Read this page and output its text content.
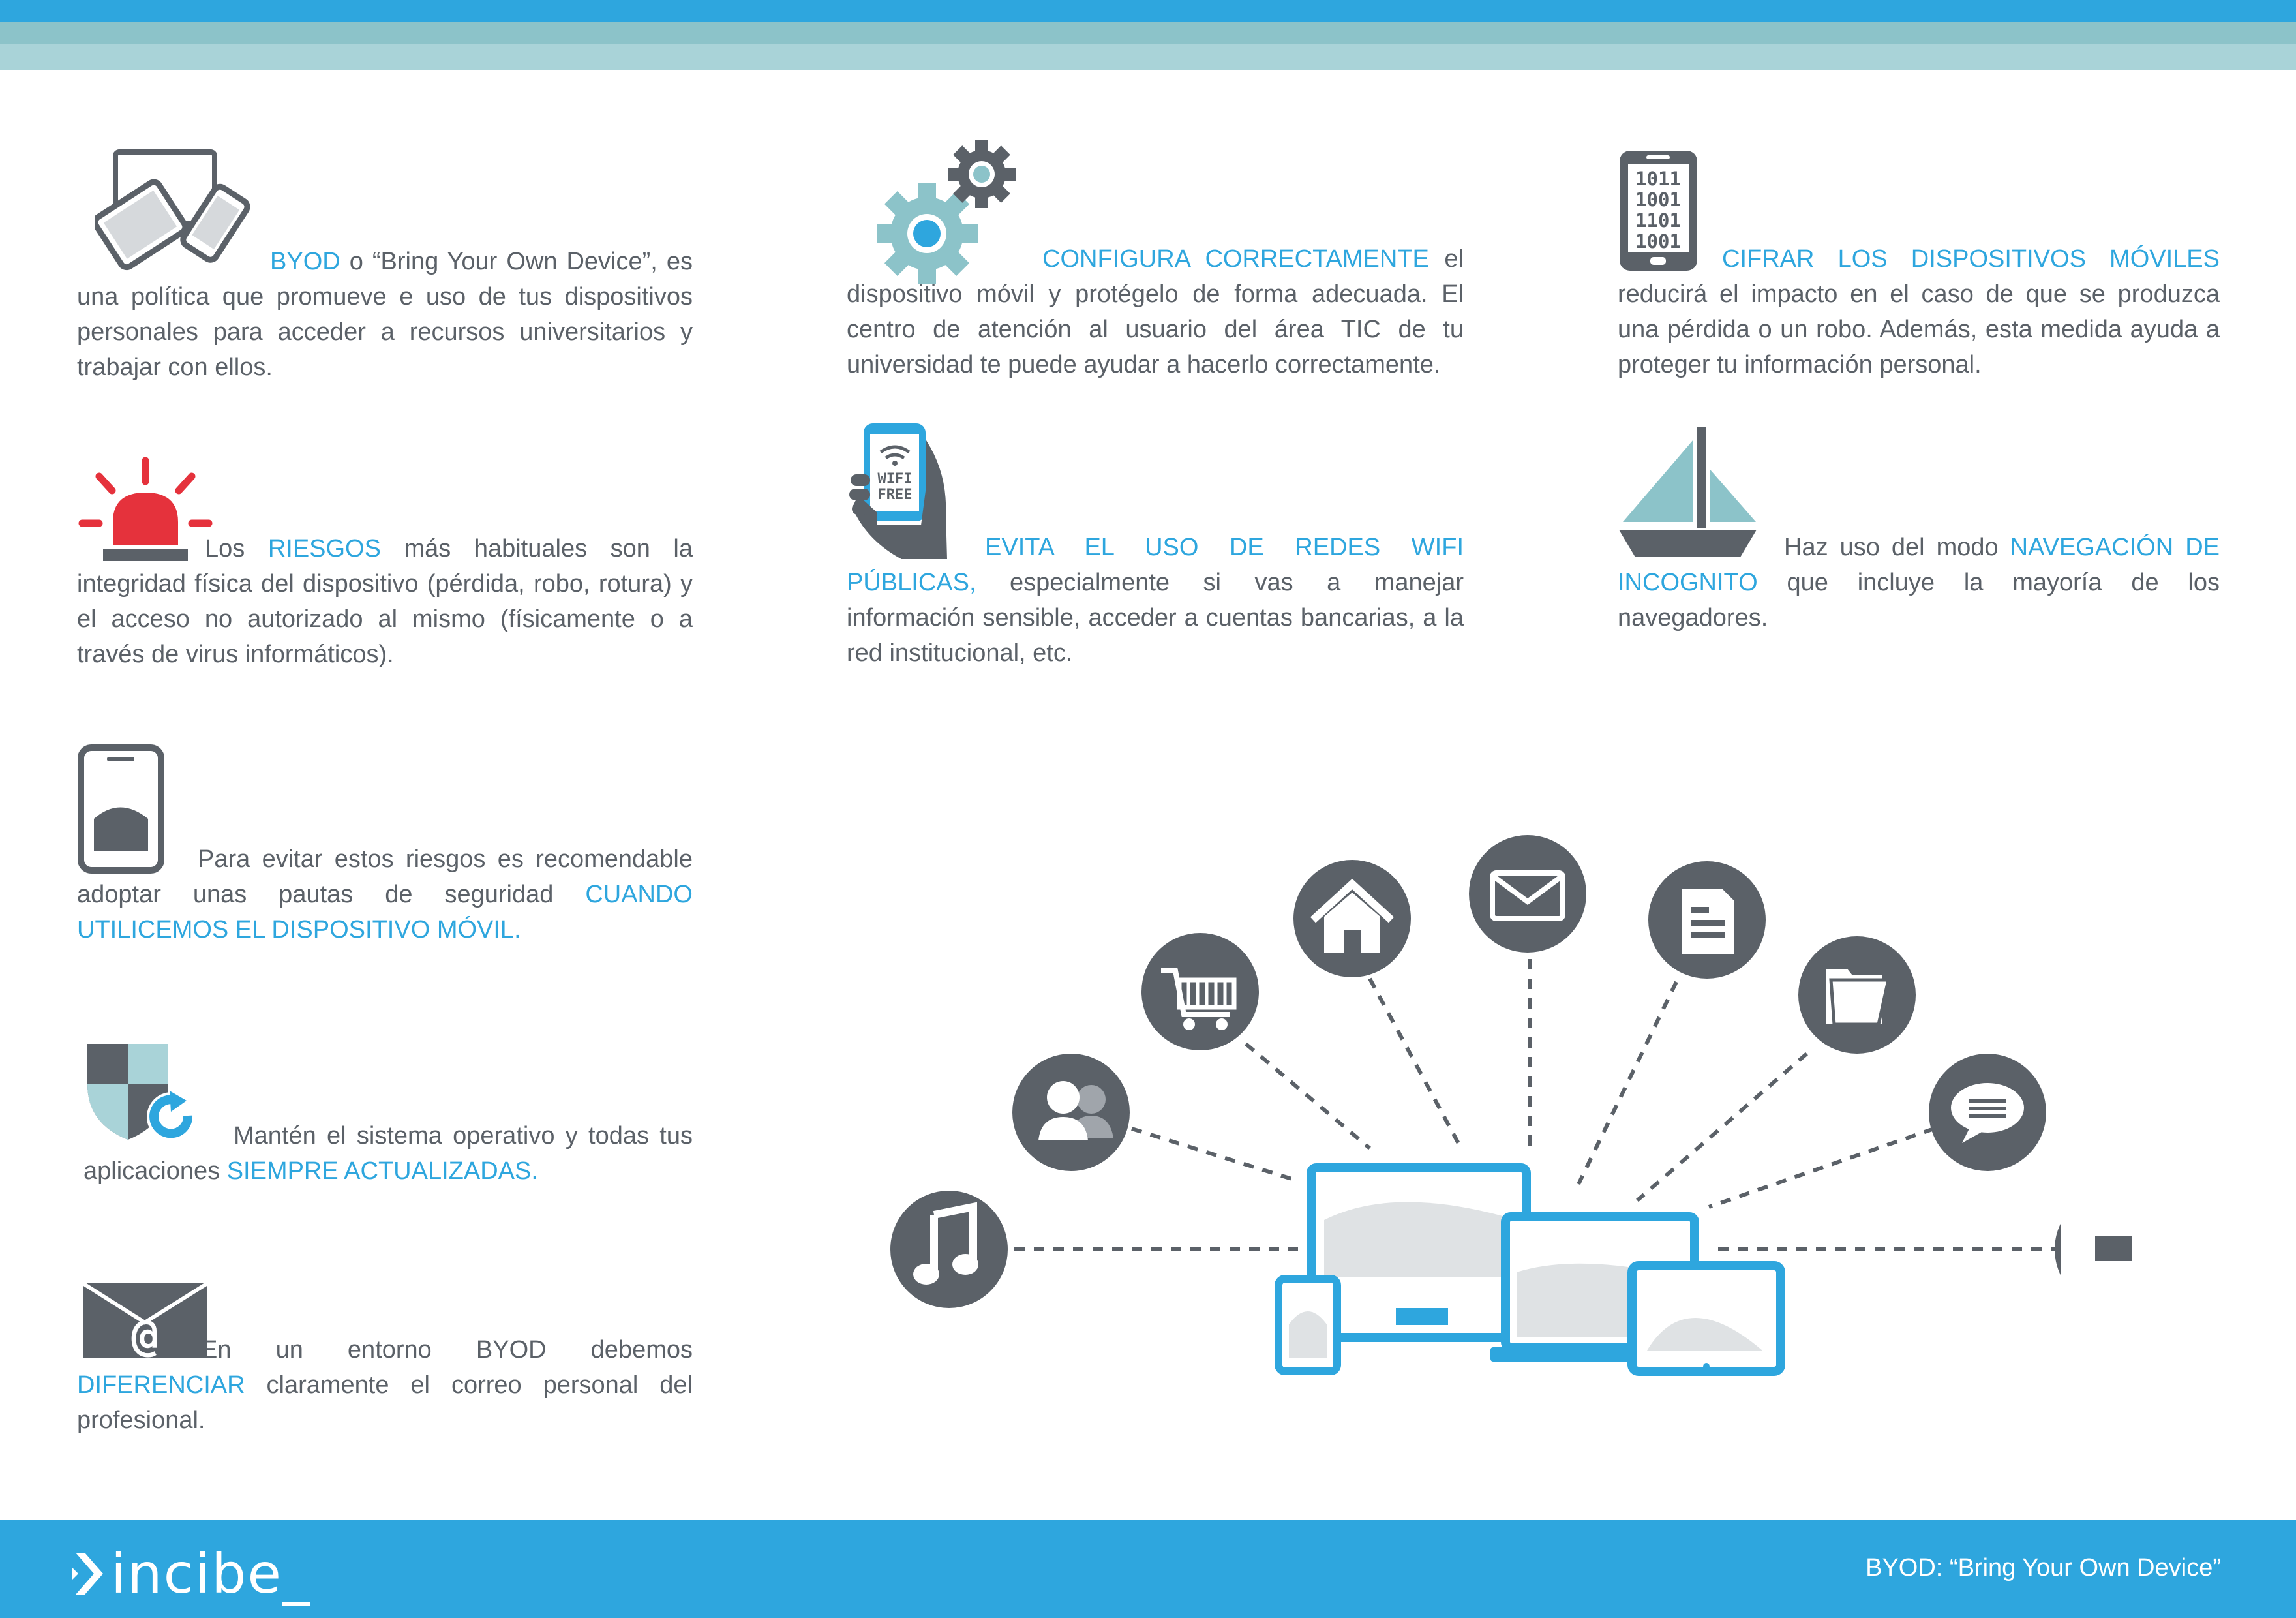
BYOD o “Bring Your Own Device”, es una política que promueve e uso de tus dispositivos personales para acceder a recursos universitarios y trabajar con ellos.
Los RIESGOS más habituales son la integridad física del dispositivo (pérdida, robo, rotura) y el acceso no autorizado al mismo (físicamente o a través de virus informáticos).
Para evitar estos riesgos es recomendable adoptar unas pautas de seguridad CUANDO UTILICEMOS EL DISPOSITIVO MÓVIL.
Mantén el sistema operativo y todas tus aplicaciones SIEMPRE ACTUALIZADAS.
@	En un entorno BYOD debemos DIFERENCIAR claramente el correo personal del profesional.
CONFIGURA CORRECTAMENTE el dispositivo móvil y protégelo de forma adecuada. El centro de atención al usuario del área TIC de tu universidad te puede ayudar a hacerlo correctamente.
WIFI
FREE
EVITA EL USO DE REDES WIFI PÚBLICAS, especialmente si vas a manejar información sensible, acceder a cuentas bancarias, a la red institucional, etc.
1011
1001
1101
1001
CIFRAR LOS DISPOSITIVOS MÓVILES reducirá el impacto en el caso de que se produzca una pérdida o un robo. Además, esta medida ayuda a proteger tu información personal.
Haz uso del modo NAVEGACIÓN DE INCOGNITO que incluye la mayoría de los navegadores.
incibe_	BYOD: “Bring Your Own Device”
